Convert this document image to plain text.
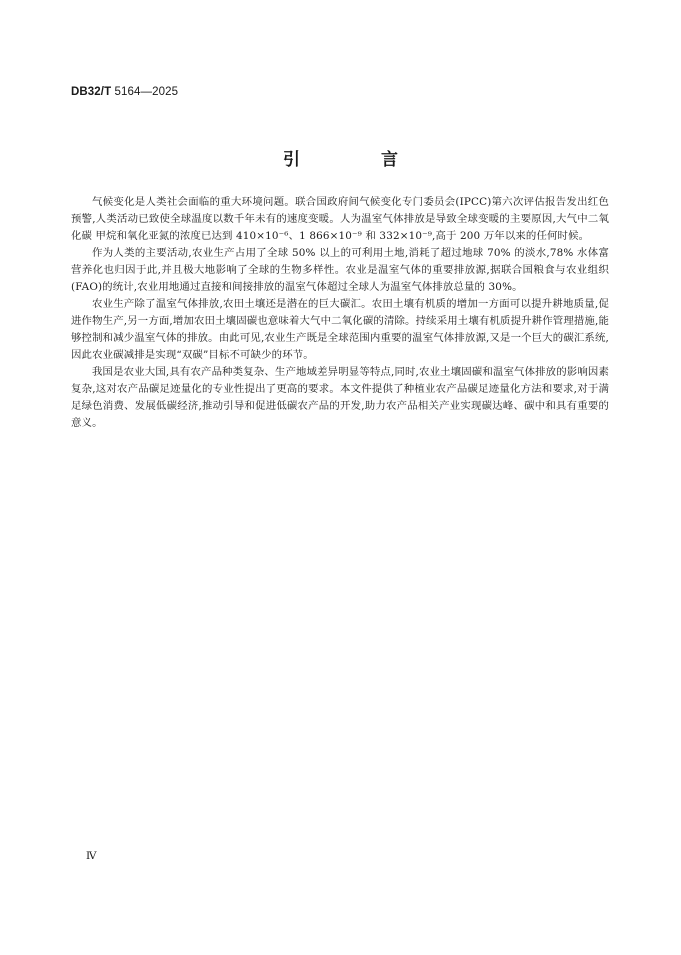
DB32/T 5164—2025
引　言

气候变化是人类社会面临的重大环境问题。联合国政府间气候变化专门委员会(IPCC)第六次评估报告发出红色预警,人类活动已致使全球温度以数千年未有的速度变暖。人为温室气体排放是导致全球变暖的主要原因,大气中二氧化碳 甲烷和氧化亚氮的浓度已达到 410×10⁻⁶、1 866×10⁻⁹ 和 332×10⁻⁹,高于 200 万年以来的任何时候。

作为人类的主要活动,农业生产占用了全球 50% 以上的可利用土地,消耗了超过地球 70% 的淡水,78% 水体富营养化也归因于此,并且极大地影响了全球的生物多样性。农业是温室气体的重要排放源,据联合国粮食与农业组织(FAO)的统计,农业用地通过直接和间接排放的温室气体超过全球人为温室气体排放总量的 30%。

农业生产除了温室气体排放,农田土壤还是潜在的巨大碳汇。农田土壤有机质的增加一方面可以提升耕地质量,促进作物生产,另一方面,增加农田土壤固碳也意味着大气中二氧化碳的清除。持续采用土壤有机质提升耕作管理措施,能够控制和减少温室气体的排放。由此可见,农业生产既是全球范围内重要的温室气体排放源,又是一个巨大的碳汇系统,因此农业碳减排是实现“双碳”目标不可缺少的环节。

我国是农业大国,具有农产品种类复杂、生产地域差异明显等特点,同时,农业土壤固碳和温室气体排放的影响因素复杂,这对农产品碳足迹量化的专业性提出了更高的要求。本文件提供了种植业农产品碳足迹量化方法和要求,对于满足绿色消费、发展低碳经济,推动引导和促进低碳农产品的开发,助力农产品相关产业实现碳达峰、碳中和具有重要的意义。

Ⅳ
